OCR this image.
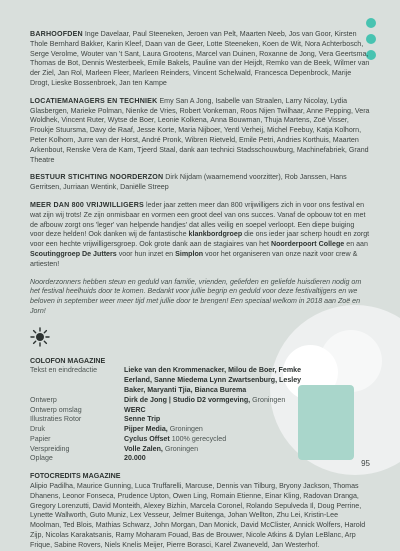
BARHOOFDEN Inge Davelaar, Paul Steeneken, Jeroen van Pelt, Maarten Neeb, Jos van Goor, Kirsten Thole Bernhard Bakker, Karin Kleef, Daan van de Geer, Lotte Steeneken, Koen de Wit, Nora Achterbosch, Serge Verolme, Wouter van 't Sant, Laura Grootens, Marcel van Duinen, Roxanne de Jong, Vera Geertsma, Thomas de Bot, Dennis Westerbeek, Emile Bakels, Pauline van der Heijdt, Remko van de Beek, Wilmer van der Ziel, Jan Rol, Marleen Fleer, Marleen Reinders, Vincent Schelwald, Francesca Depenbrock, Marije Drogt, Lieske Bossenbroek, Jan ten Kampe

LOCATIEMANAGERS EN TECHNIEK Emy San A Jong, Isabelle van Straalen, Larry Nicolay, Lydia Glasbergen, Marieke Polman, Nienke de Vries, Robert Vonkeman, Roos Nijen Twilhaar, Anne Pepping, Vera Woldhek, Vincent Ruter, Wytse de Boer, Leonie Kolkena, Anna Bouwman, Thuja Martens, Zoë Visser, Froukje Stuursma, Davy de Raaf, Jesse Korte, Maria Nijboer, Yentl Verheij, Michel Feebuy, Katja Kolhorn, Peter Kolhorn, Jurre van der Horst, André Pronk, Wibren Rietveld, Emile Petri, Andries Korthuis, Maarten Arkenbout, Renske Vera de Kam, Tjeerd Staal, dank aan technici Stadsschouwburg, Machinefabriek, Grand Theatre

BESTUUR STICHTING NOORDERZON Dirk Nijdam (waarnemend voorzitter), Rob Janssen, Hans Gerritsen, Jurriaan Wentink, Daniëlle Streep

MEER DAN 800 VRIJWILLIGERS leder jaar zetten meer dan 800 vrijwilligers zich in voor ons festival en wat zijn wij trots! Ze zijn onmisbaar en vormen een groot deel van ons succes. Vanaf de opbouw tot en met de afbouw zorgt ons 'leger' van helpende handjes' dat alles veilig en soepel verloopt. Een diepe buiging voor deze helden! Ook danken wij de fantastische klankbordgroep die ons ieder jaar scherp houdt en zorgt voor een hechte vrijwilligersgroep. Ook grote dank aan de stagiaires van het Noorderpoort College en aan Scoutinggroep De Jutters voor hun inzet en Simplon voor het organiseren van onze nazit voor crew & artiesten!

Noorderzonners hebben steun en geduld van familie, vrienden, geliefden en geliefde huisdieren nodig om het festival heelhuids door te komen. Bedankt voor jullie begrip en geduld voor deze festivaltijgers en we beloven in september weer meer tijd met jullie door te brengen! Een speciaal welkom in 2018 aan Zoë en Jorn!

COLOFON MAGAZINE
Tekst en eindredactie	Lieke van den Krommenacker, Milou de Boer, Femke Eerland, Sanne Miedema Lynn Zwartsenburg, Lesley Baker, Maryanti Tjia, Bianca Burema
Ontwerp	Dirk de Jong | Studio D2 vormgeving, Groningen
Ontwerp omslag	WERC
Illustraties Rotor	Senne Trip
Druk	Pijper Media, Groningen
Papier	Cyclus Offset 100% gerecycled
Verspreiding	Volle Zalen, Groningen
Oplage	20.000
FOTOCREDITS MAGAZINE
Alipio Padilha, Maurice Gunning, Luca Truffarelli, Marcuse, Dennis van Tilburg, Bryony Jackson, Thomas Dhanens, Leonor Fonseca, Prudence Upton, Owen Ling, Romain Etienne, Einar Kling, Radovan Dranga, Gregory Lorenzutti, David Monteith, Alexey Bizhin, Marcela Coronel, Rolando Sepulveda Il, Doug Perrine, Lynette Wallworth, Guto Muniz, Lex Vesseur, Jelmer Buitenga, Johan Wellton, Zhu Lei, Kristin-Lee Moolman, Ted Blois, Mathias Schwarz, John Morgan, Dan Monick, David McClister, Annick Wolfers, Harold Zijp, Nicolas Karakatsanis, Ramy Moharam Fouad, Bas de Brouwer, Nicole Atkins & Dylan LeBlanc, Arp Frique, Sabine Rovers, Niels Knelis Meijer, Pierre Borasci, Karel Zwaneveld, Jan Westerhof.
95
